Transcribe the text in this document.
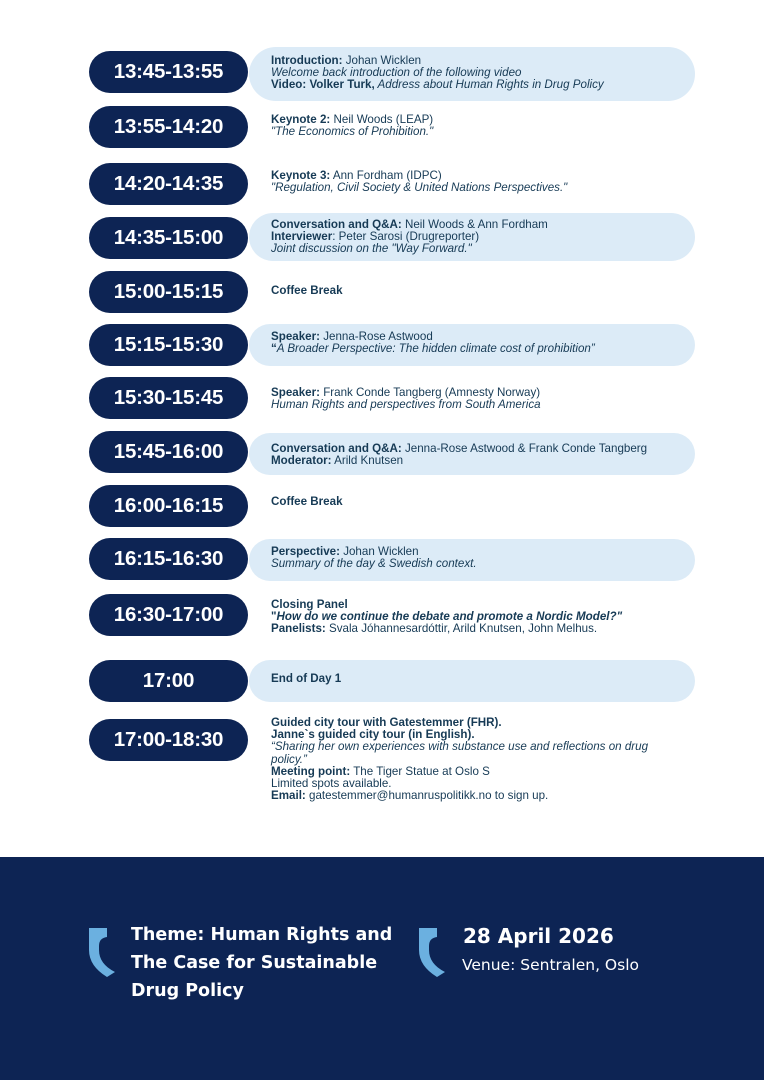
13:45-13:55	Introduction: Johan Wicklen
Welcome back introduction of the following video
Video: Volker Turk, Address about Human Rights in Drug Policy
13:55-14:20	Keynote 2: Neil Woods (LEAP)
"The Economics of Prohibition."
14:20-14:35	Keynote 3: Ann Fordham (IDPC)
"Regulation, Civil Society & United Nations Perspectives."
14:35-15:00
Conversation and Q&A: Neil Woods & Ann Fordham
Interviewer: Peter Sarosi (Drugreporter)
Joint discussion on the "Way Forward."
15:00-15:15	Coffee Break
15:15-15:30	Speaker: Jenna-Rose Astwood
“A Broader Perspective: The hidden climate cost of prohibition”
15:30-15:45	Speaker: Frank Conde Tangberg (Amnesty Norway)
Human Rights and perspectives from South America
15:45-16:00	Conversation and Q&A: Jenna-Rose Astwood & Frank Conde Tangberg
Moderator: Arild Knutsen
16:00-16:15	Coffee Break
16:15-16:30	Perspective: Johan Wicklen
Summary of the day & Swedish context.
16:30-17:00	Closing Panel
"How do we continue the debate and promote a Nordic Model?"
Panelists: Svala Jóhannesardóttir, Arild Knutsen, John Melhus.
17:00	End of Day 1
17:00-18:30
Guided city tour with Gatestemmer (FHR).
Janne`s guided city tour (in English).
“Sharing her own experiences with substance use and reflections on drug policy.”
Meeting point: The Tiger Statue at Oslo S
Limited spots available.
Email: gatestemmer@humanruspolitikk.no to sign up.
Theme: Human Rights and The Case for Sustainable Drug Policy
28 April 2026
Venue: Sentralen, Oslo
